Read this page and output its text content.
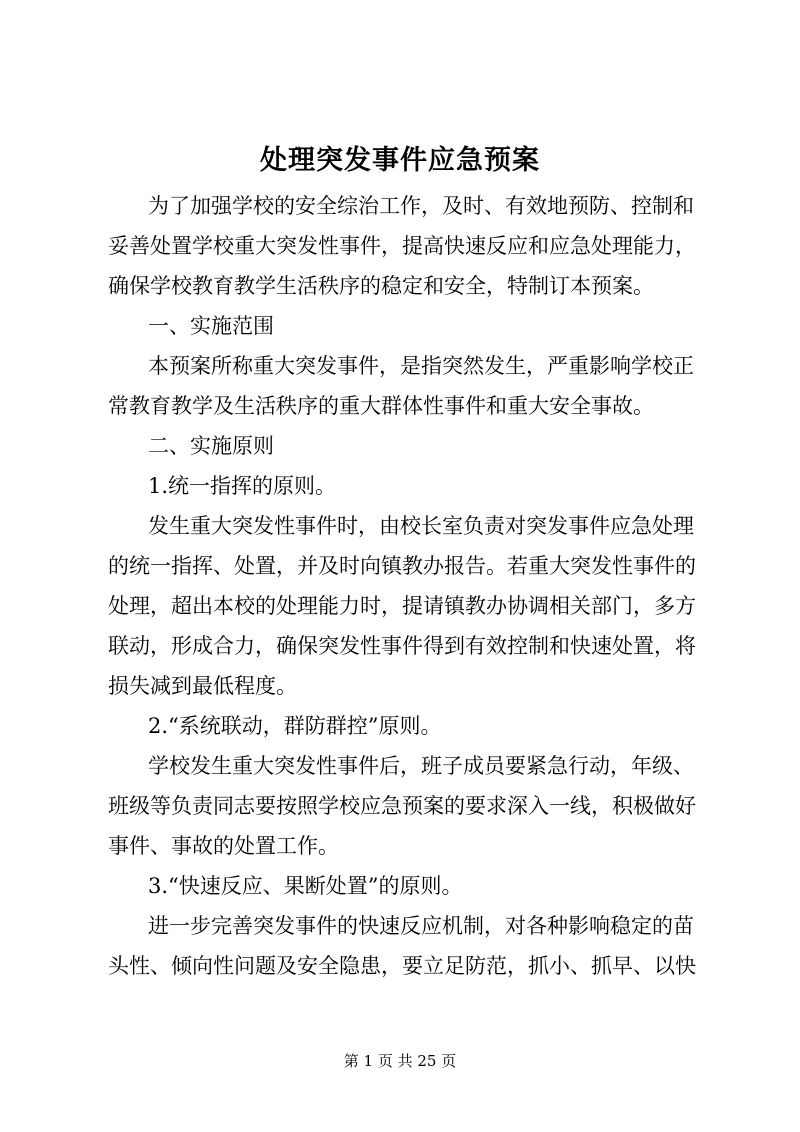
处理突发事件应急预案
为了加强学校的安全综治工作，及时、有效地预防、控制和
妥善处置学校重大突发性事件，提高快速反应和应急处理能力，
确保学校教育教学生活秩序的稳定和安全，特制订本预案。
一、实施范围
本预案所称重大突发事件，是指突然发生，严重影响学校正
常教育教学及生活秩序的重大群体性事件和重大安全事故。
二、实施原则
1.统一指挥的原则。
发生重大突发性事件时，由校长室负责对突发事件应急处理
的统一指挥、处置，并及时向镇教办报告。若重大突发性事件的
处理，超出本校的处理能力时，提请镇教办协调相关部门，多方
联动，形成合力，确保突发性事件得到有效控制和快速处置，将
损失减到最低程度。
2.“系统联动，群防群控”原则。
学校发生重大突发性事件后，班子成员要紧急行动，年级、
班级等负责同志要按照学校应急预案的要求深入一线，积极做好
事件、事故的处置工作。
3.“快速反应、果断处置”的原则。
进一步完善突发事件的快速反应机制，对各种影响稳定的苗
头性、倾向性问题及安全隐患，要立足防范，抓小、抓早、以快
第 1 页 共 25 页
